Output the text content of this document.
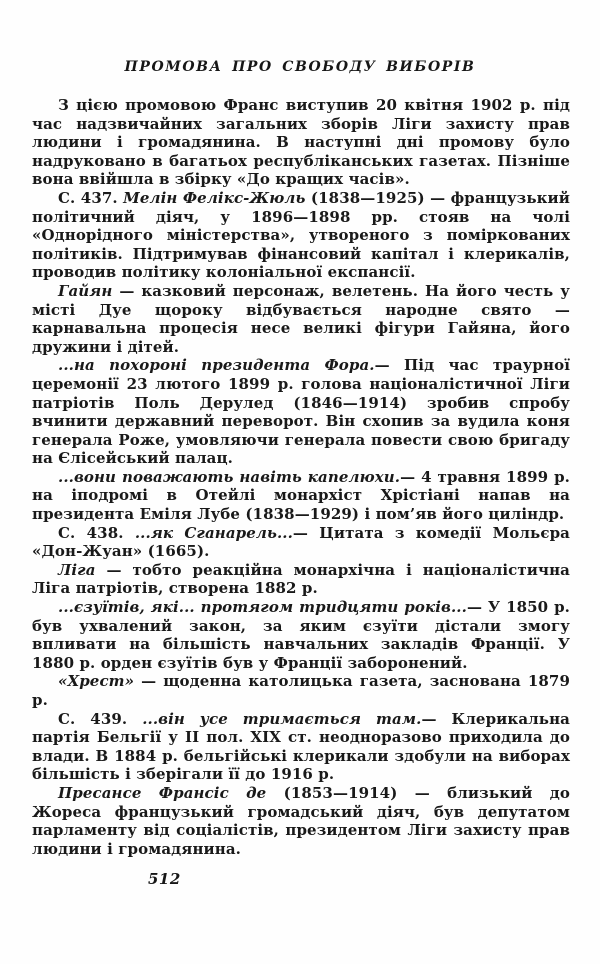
ПРОМОВА ПРО СВОБОДУ ВИБОРІВ

З цією промовою Франс виступив 20 квітня 1902 р. під час надзвичайних загальних зборів Ліги захисту прав людини і громадянина. В наступні дні промову було надруковано в багатьох республіканських газетах. Пізніше вона ввійшла в збірку «До кращих часів».

С. 437. Мелін Фелікс-Жюль (1838—1925) — французький політичний діяч, у 1896—1898 рр. стояв на чолі «Однорідного міністерства», утвореного з поміркованих політиків. Підтримував фінансовий капітал і клерикалів, проводив політику колоніальної експансії.

Гайян — казковий персонаж, велетень. На його честь у місті Дуе щороку відбувається народне свято — карнавальна процесія несе великі фігури Гайяна, його дружини і дітей.

...на похороні президента Фора.— Під час траурної церемонії 23 лютого 1899 р. голова націоналістичної Ліги патріотів Поль Дерулед (1846—1914) зробив спробу вчинити державний переворот. Він схопив за вудила коня генерала Роже, умовляючи генерала повести свою бригаду на Єлісейський палац.

...вони поважають навіть капелюхи.— 4 травня 1899 р. на іподромі в Отейлі монархіст Хрістіані напав на президента Еміля Лубе (1838—1929) і пом’яв його циліндр.

С. 438. ...як Сганарель...— Цитата з комедії Мольєра «Дон-Жуан» (1665).

Ліга — тобто реакційна монархічна і націоналістична Ліга патріотів, створена 1882 р.

...єзуїтів, які... протягом тридцяти років...— У 1850 р. був ухвалений закон, за яким єзуїти дістали змогу впливати на більшість навчальних закладів Франції. У 1880 р. орден єзуїтів був у Франції заборонений.

«Хрест» — щоденна католицька газета, заснована 1879 р.

С. 439. ...він усе тримається там.— Клерикальна партія Бельгії у II пол. XIX ст. неодноразово приходила до влади. В 1884 р. бельгійські клерикали здобули на виборах більшість і зберігали її до 1916 р.

Пресансе Франсіс де (1853—1914) — близький до Жореса французький громадський діяч, був депутатом парламенту від соціалістів, президентом Ліги захисту прав людини і громадянина.

512
